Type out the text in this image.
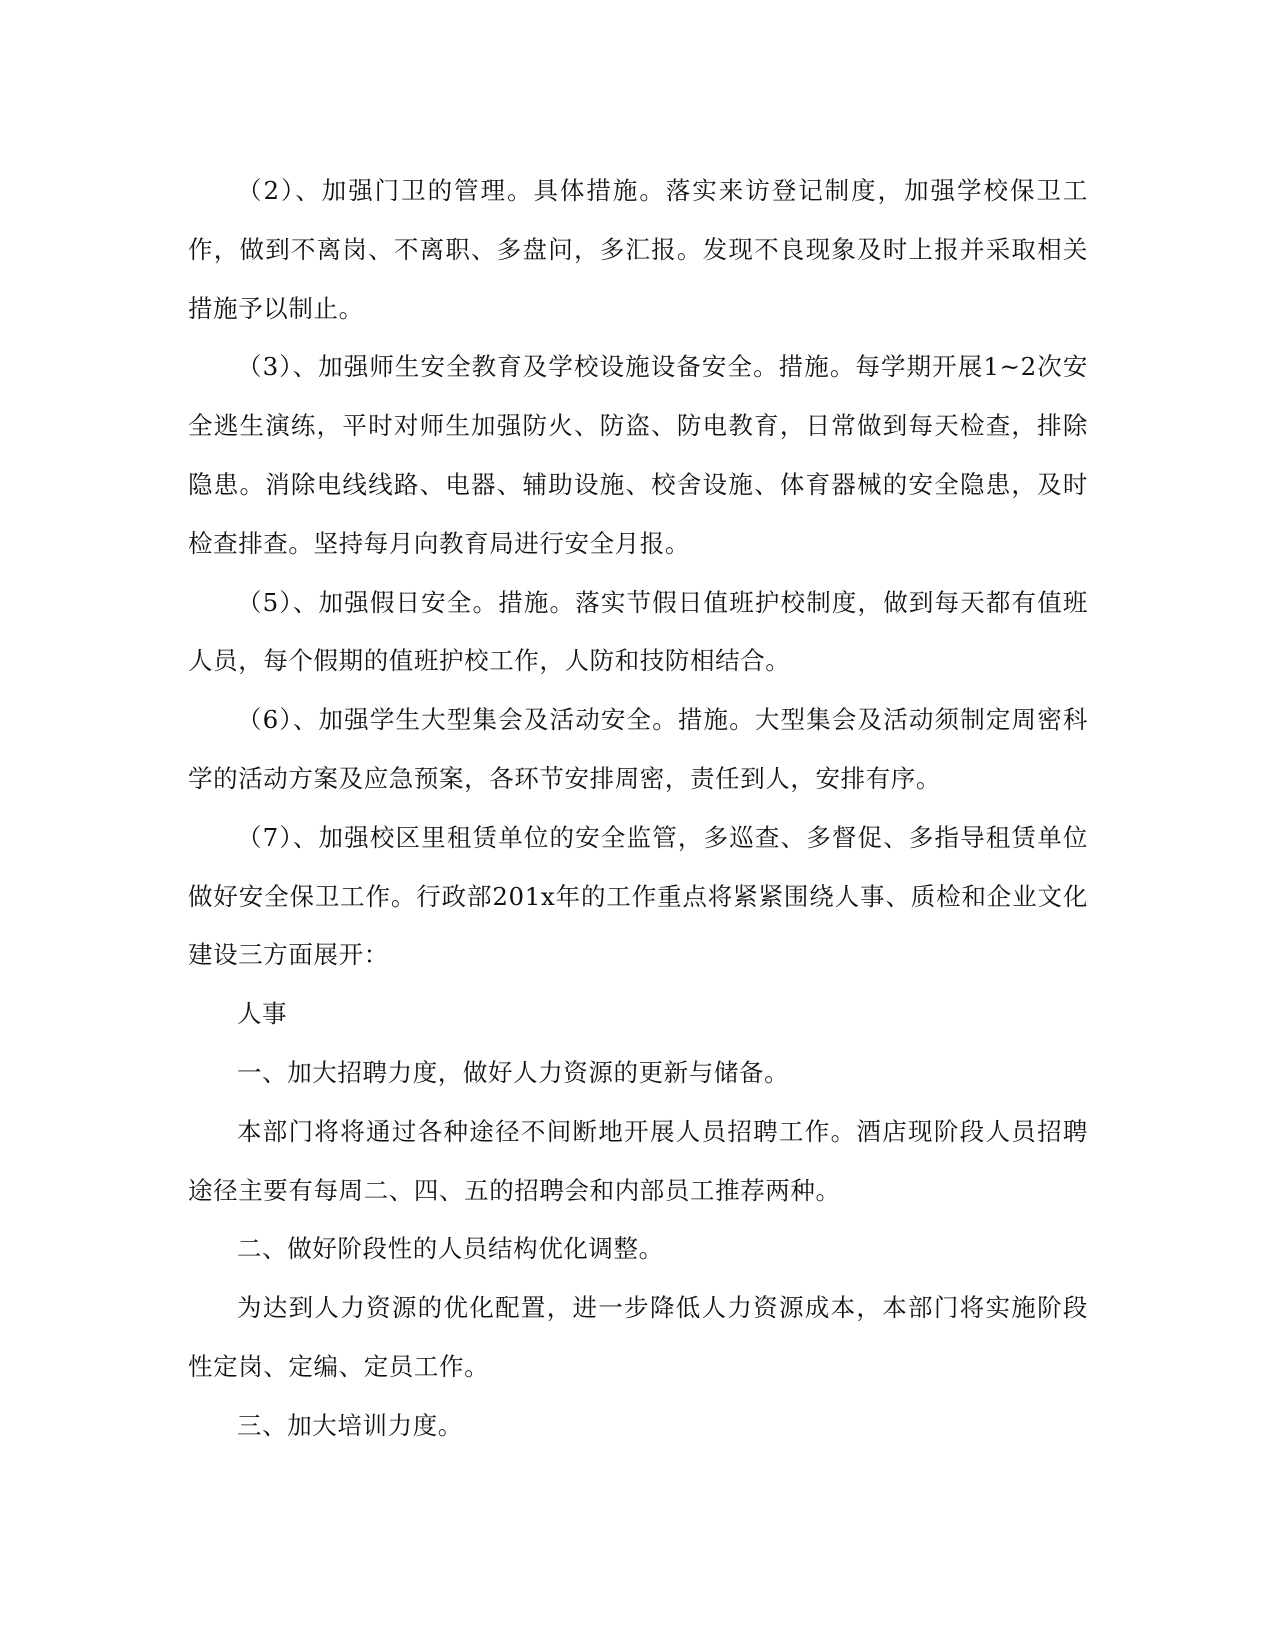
（2）、加强门卫的管理。具体措施。落实来访登记制度，加强学校保卫工作，做到不离岗、不离职、多盘问，多汇报。发现不良现象及时上报并采取相关措施予以制止。

（3）、加强师生安全教育及学校设施设备安全。措施。每学期开展1~2次安全逃生演练，平时对师生加强防火、防盗、防电教育，日常做到每天检查，排除隐患。消除电线线路、电器、辅助设施、校舍设施、体育器械的安全隐患，及时检查排查。坚持每月向教育局进行安全月报。

（5）、加强假日安全。措施。落实节假日值班护校制度，做到每天都有值班人员，每个假期的值班护校工作，人防和技防相结合。

（6）、加强学生大型集会及活动安全。措施。大型集会及活动须制定周密科学的活动方案及应急预案，各环节安排周密，责任到人，安排有序。

（7）、加强校区里租赁单位的安全监管，多巡查、多督促、多指导租赁单位做好安全保卫工作。行政部201x年的工作重点将紧紧围绕人事、质检和企业文化建设三方面展开：

人事

一、加大招聘力度，做好人力资源的更新与储备。

本部门将将通过各种途径不间断地开展人员招聘工作。酒店现阶段人员招聘途径主要有每周二、四、五的招聘会和内部员工推荐两种。

二、做好阶段性的人员结构优化调整。

为达到人力资源的优化配置，进一步降低人力资源成本，本部门将实施阶段性定岗、定编、定员工作。

三、加大培训力度。
